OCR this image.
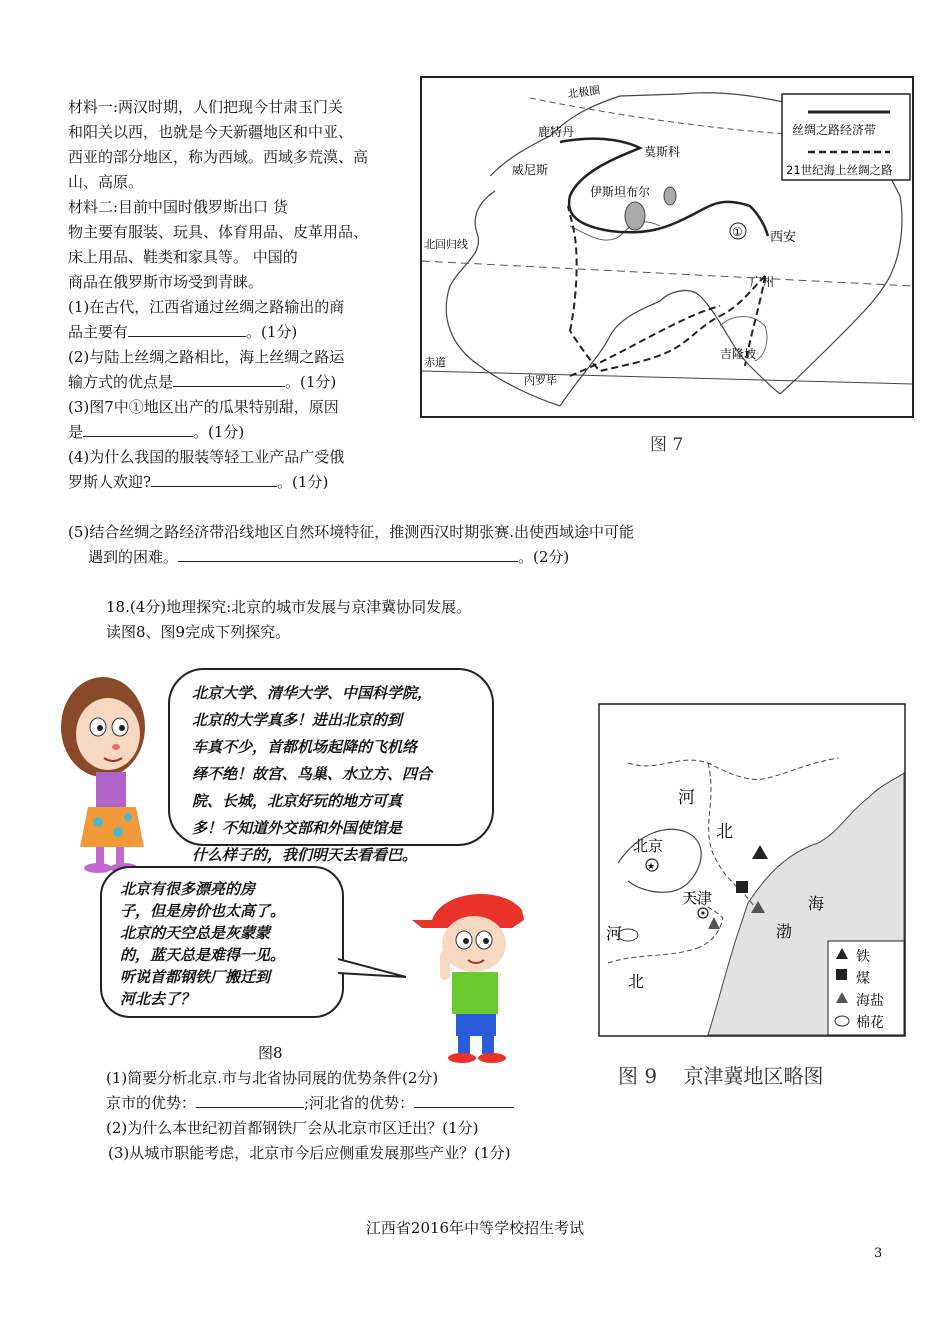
材料一:两汉时期，人们把现今甘肃玉门关
和阳关以西，也就是今天新疆地区和中亚、
西亚的部分地区，称为西域。西域多荒漠、高
山、高原。
材料二:目前中国时俄罗斯出口 货
物主要有服装、玩具、体育用品、皮革用品、
床上用品、鞋类和家具等。 中国的
商品在俄罗斯市场受到青睐。
(1)在古代，江西省通过丝绸之路输出的商
品主要有	。(1分)
(2)与陆上丝绸之路相比，海上丝绸之路运
输方式的优点是	。(1分)
(3)图7中①地区出产的瓜果特别甜，原因
是	。(1分)
(4)为什么我国的服装等轻工业产品广受俄
罗斯人欢迎?	。(1分)
(5)结合丝绸之路经济带沿线地区自然环境特征，推测西汉时期张赛.出使西域途中可能
遇到的困难。	。(2分)
丝绸之路经济带
21世纪海上丝绸之路
北极圈
鹿特丹
莫斯科
威尼斯
伊斯坦布尔
北回归线
① 西安
广州
赤道
吉隆坡
内罗毕
图 7
18.(4分)地理探究:北京的城市发展与京津冀协同发展。
读图8、图9完成下列探究。
北京大学、清华大学、中国科学院，
北京的大学真多！进出北京的到
车真不少，首都机场起降的飞机络
绎不绝！故宫、鸟巢、水立方、四合
院、长城，北京好玩的地方可真
多！不知道外交部和外国使馆是
什么样子的，我们明天去看看巴。
北京有很多漂亮的房
子，但是房价也太高了。
北京的天空总是灰蒙蒙
的，蓝天总是难得一见。
听说首都钢铁厂搬迁到
河北去了？
图8
(1)简要分析北京.市与北省协同展的优势条件(2分)
京市的优势：	;河北省的优势：
(2)为什么本世纪初首都钢铁厂会从北京市区迁出？(1分)
(3)从城市职能考虑，北京市今后应侧重发展那些产业？(1分)
河
北
北京
★
天津	海
渤
河
北
铁
煤
海盐
棉花
图 9　 京津冀地区略图
江西省2016年中等学校招生考试
3
